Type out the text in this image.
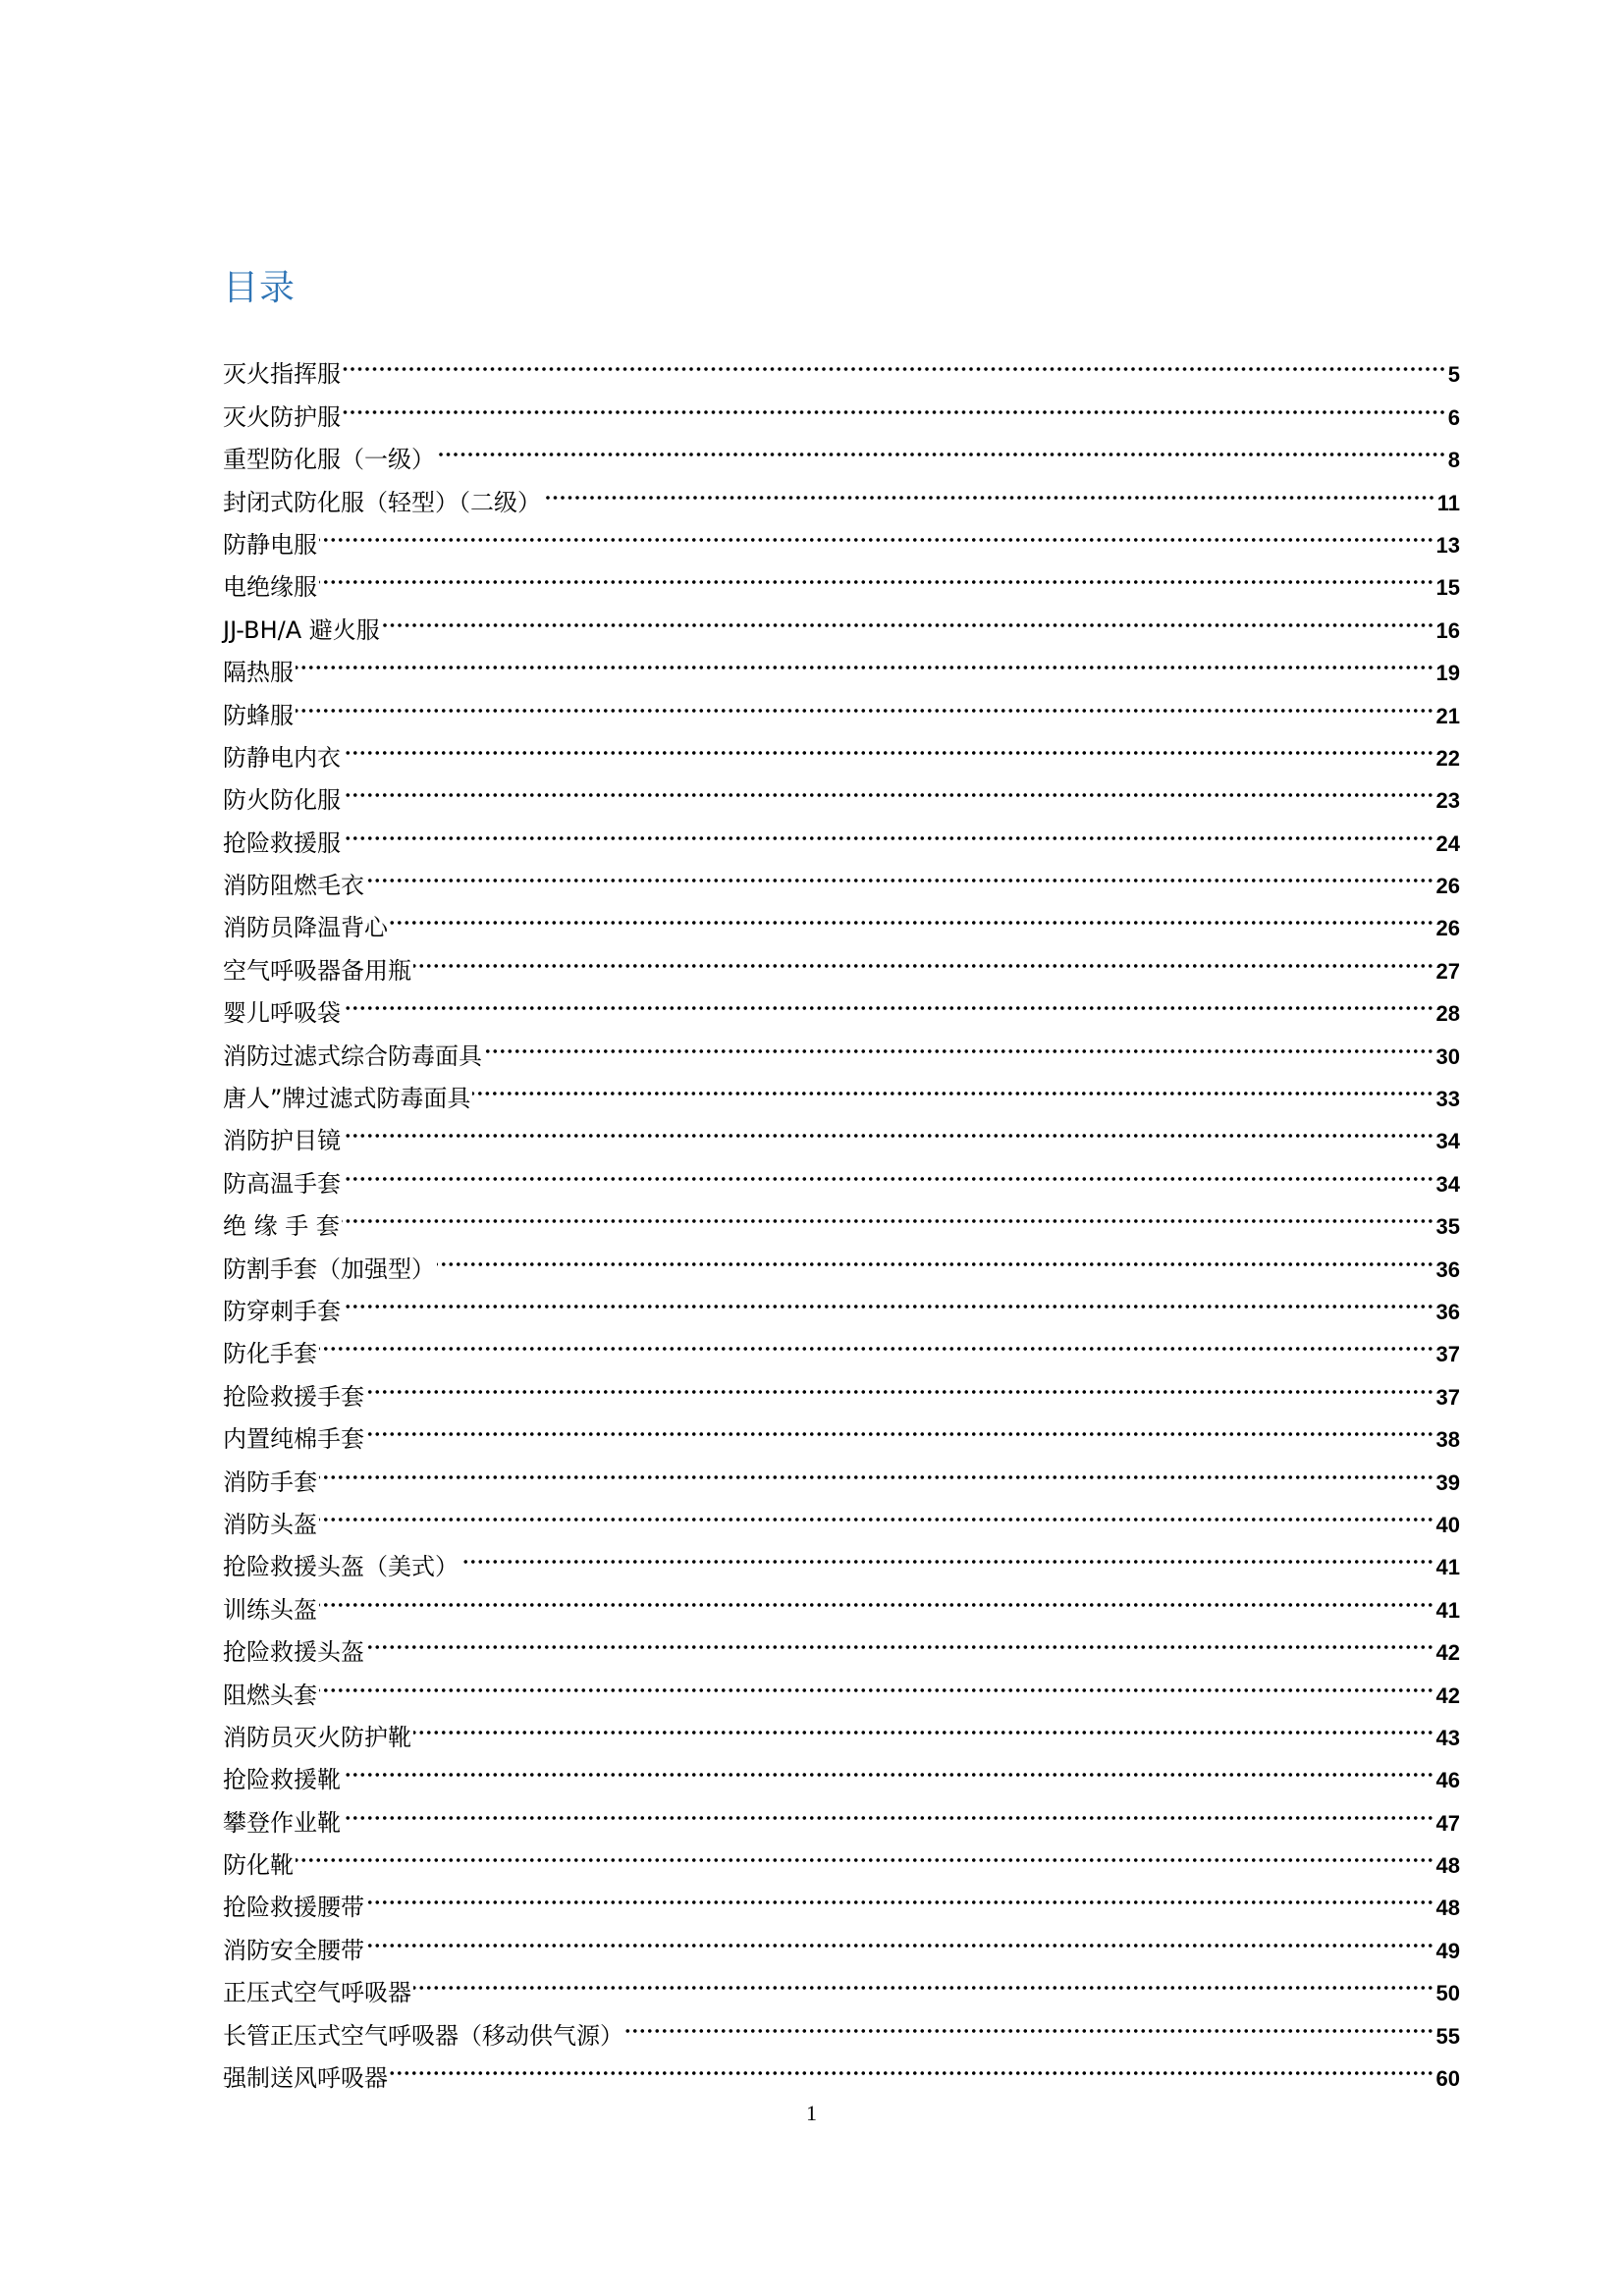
目录
灭火指挥服	5
灭火防护服	6
重型防化服（一级）	8
封闭式防化服（轻型）（二级）	11
防静电服	13
电绝缘服	15
JJ-BH/A 避火服	16
隔热服	19
防蜂服	21
防静电内衣	22
防火防化服	23
抢险救援服	24
消防阻燃毛衣	26
消防员降温背心	26
空气呼吸器备用瓶	27
婴儿呼吸袋	28
消防过滤式综合防毒面具	30
唐人”牌过滤式防毒面具	33
消防护目镜	34
防高温手套	34
绝 缘 手 套	35
防割手套（加强型）	36
防穿刺手套	36
防化手套	37
抢险救援手套	37
内置纯棉手套	38
消防手套	39
消防头盔	40
抢险救援头盔（美式）	41
训练头盔	41
抢险救援头盔	42
阻燃头套	42
消防员灭火防护靴	43
抢险救援靴	46
攀登作业靴	47
防化靴	48
抢险救援腰带	48
消防安全腰带	49
正压式空气呼吸器	50
长管正压式空气呼吸器（移动供气源）	55
强制送风呼吸器	60
1
